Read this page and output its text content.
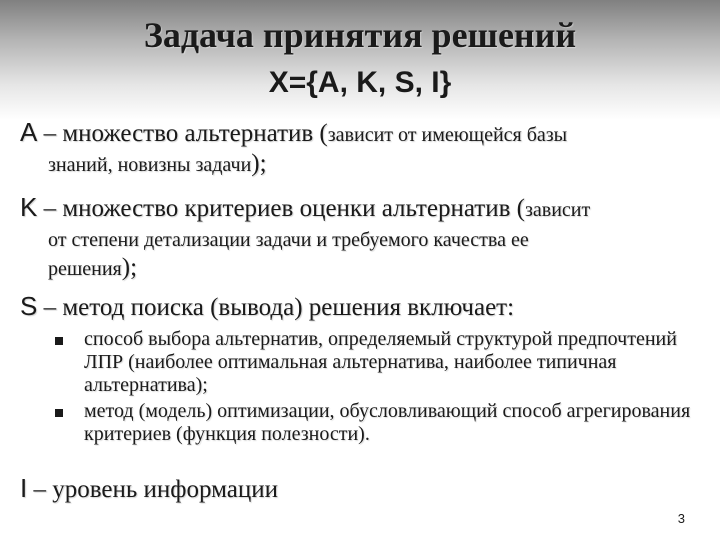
Задача принятия решений
X={A, K, S, I}
A – множество альтернатив (зависит от имеющейся базы
знаний, новизны задачи);
K – множество критериев оценки альтернатив (зависит
от степени детализации задачи и требуемого качества ее
решения);
S – метод поиска (вывода) решения включает:
способ выбора альтернатив, определяемый структурой предпочтений ЛПР (наиболее оптимальная альтернатива, наиболее типичная альтернатива);
метод (модель) оптимизации, обусловливающий способ агрегирования критериев (функция полезности).
I – уровень информации
3
